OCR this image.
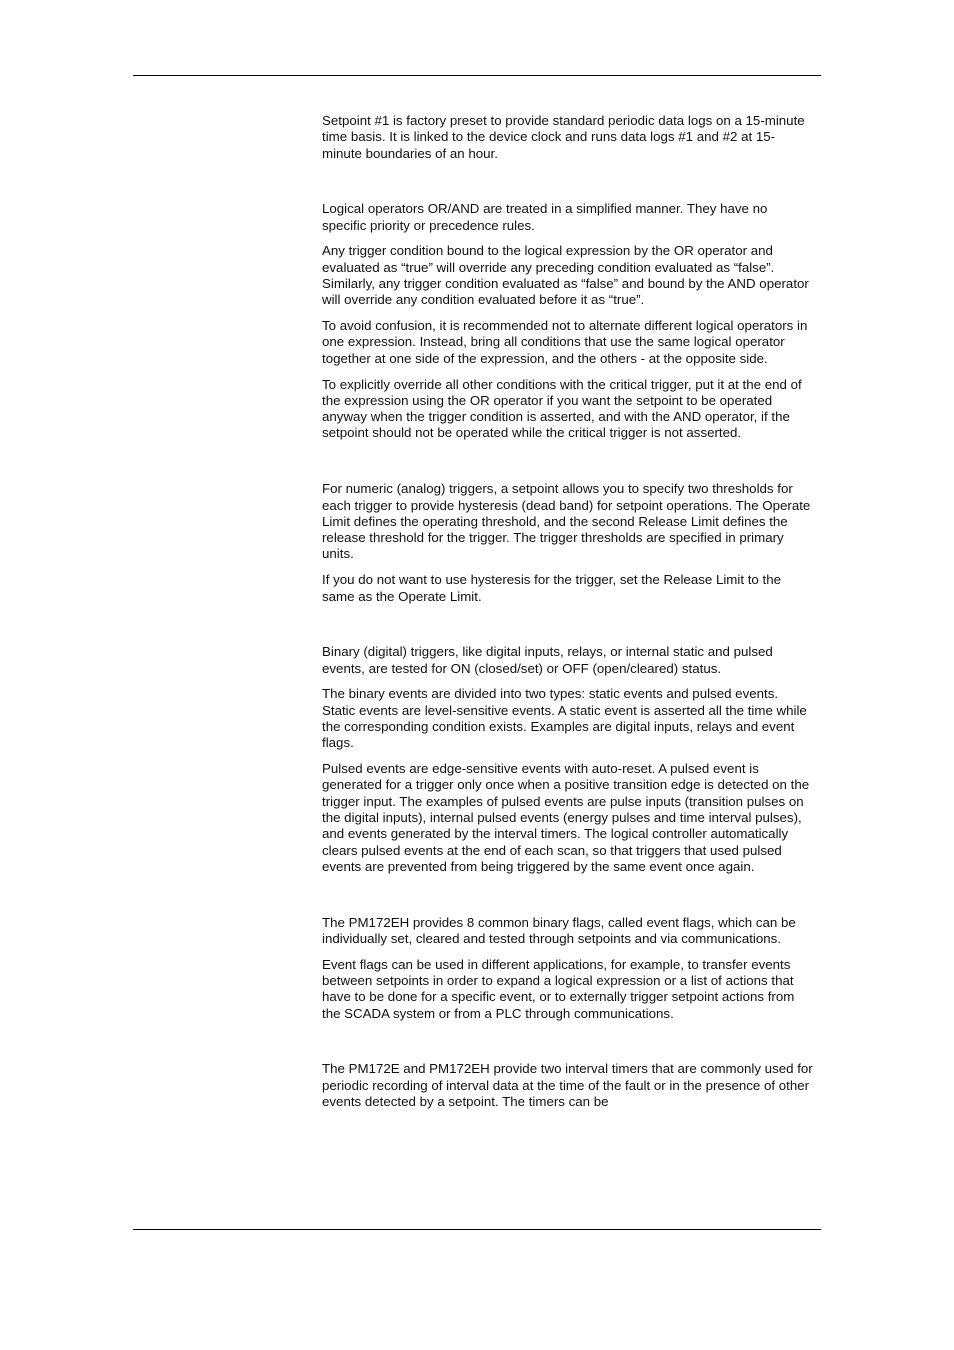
Setpoint #1 is factory preset to provide standard periodic data logs on a 15-minute time basis. It is linked to the device clock and runs data logs #1 and #2 at 15-minute boundaries of an hour.

Logical operators OR/AND are treated in a simplified manner. They have no specific priority or precedence rules.

Any trigger condition bound to the logical expression by the OR operator and evaluated as “true” will override any preceding condition evaluated as “false”. Similarly, any trigger condition evaluated as “false” and bound by the AND operator will override any condition evaluated before it as “true”.

To avoid confusion, it is recommended not to alternate different logical operators in one expression. Instead, bring all conditions that use the same logical operator together at one side of the expression, and the others - at the opposite side.

To explicitly override all other conditions with the critical trigger, put it at the end of the expression using the OR operator if you want the setpoint to be operated anyway when the trigger condition is asserted, and with the AND operator, if the setpoint should not be operated while the critical trigger is not asserted.

For numeric (analog) triggers, a setpoint allows you to specify two thresholds for each trigger to provide hysteresis (dead band) for setpoint operations. The Operate Limit defines the operating threshold, and the second Release Limit defines the release threshold for the trigger. The trigger thresholds are specified in primary units.

If you do not want to use hysteresis for the trigger, set the Release Limit to the same as the Operate Limit.

Binary (digital) triggers, like digital inputs, relays, or internal static and pulsed events, are tested for ON (closed/set) or OFF (open/cleared) status.

The binary events are divided into two types: static events and pulsed events. Static events are level-sensitive events. A static event is asserted all the time while the corresponding condition exists. Examples are digital inputs, relays and event flags.

Pulsed events are edge-sensitive events with auto-reset. A pulsed event is generated for a trigger only once when a positive transition edge is detected on the trigger input. The examples of pulsed events are pulse inputs (transition pulses on the digital inputs), internal pulsed events (energy pulses and time interval pulses), and events generated by the interval timers. The logical controller automatically clears pulsed events at the end of each scan, so that triggers that used pulsed events are prevented from being triggered by the same event once again.

The PM172EH provides 8 common binary flags, called event flags, which can be individually set, cleared and tested through setpoints and via communications.

Event flags can be used in different applications, for example, to transfer events between setpoints in order to expand a logical expression or a list of actions that have to be done for a specific event, or to externally trigger setpoint actions from the SCADA system or from a PLC through communications.

The PM172E and PM172EH provide two interval timers that are commonly used for periodic recording of interval data at the time of the fault or in the presence of other events detected by a setpoint. The timers can be
